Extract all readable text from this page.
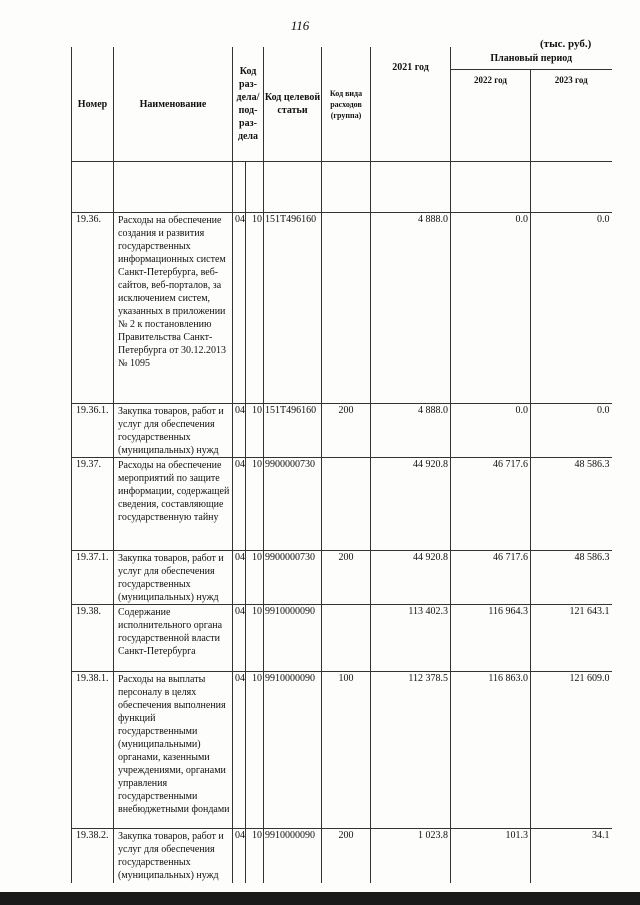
116
(тыс. руб.)
Номер	Наименование	Код раз-дела/ под-раз-дела		Код целевой статьи	Код вида расходов (группа)	2021 год	Плановый период	
							2022 год	2023 год

19.36.	Расходы на обеспечение создания и развития государственных информационных систем Санкт-Петербурга, веб-сайтов, веб-порталов, за исключением систем, указанных в приложении № 2 к постановлению Правительства Санкт-Петербурга от 30.12.2013 № 1095	04	10	151Т496160		4 888.0	0.0	0.0
19.36.1.	Закупка товаров, работ и услуг для обеспечения государственных (муниципальных) нужд	04	10	151Т496160	200	4 888.0	0.0	0.0
19.37.	Расходы на обеспечение мероприятий по защите информации, содержащей сведения, составляющие государственную тайну	04	10	9900000730		44 920.8	46 717.6	48 586.3
19.37.1.	Закупка товаров, работ и услуг для обеспечения государственных (муниципальных) нужд	04	10	9900000730	200	44 920.8	46 717.6	48 586.3
19.38.	Содержание исполнительного органа государственной власти Санкт-Петербурга	04	10	9910000090		113 402.3	116 964.3	121 643.1
19.38.1.	Расходы на выплаты персоналу в целях обеспечения выполнения функций государственными (муниципальными) органами, казенными учреждениями, органами управления государственными внебюджетными фондами	04	10	9910000090	100	112 378.5	116 863.0	121 609.0
19.38.2.	Закупка товаров, работ и услуг для обеспечения государственных (муниципальных) нужд	04	10	9910000090	200	1 023.8	101.3	34.1
